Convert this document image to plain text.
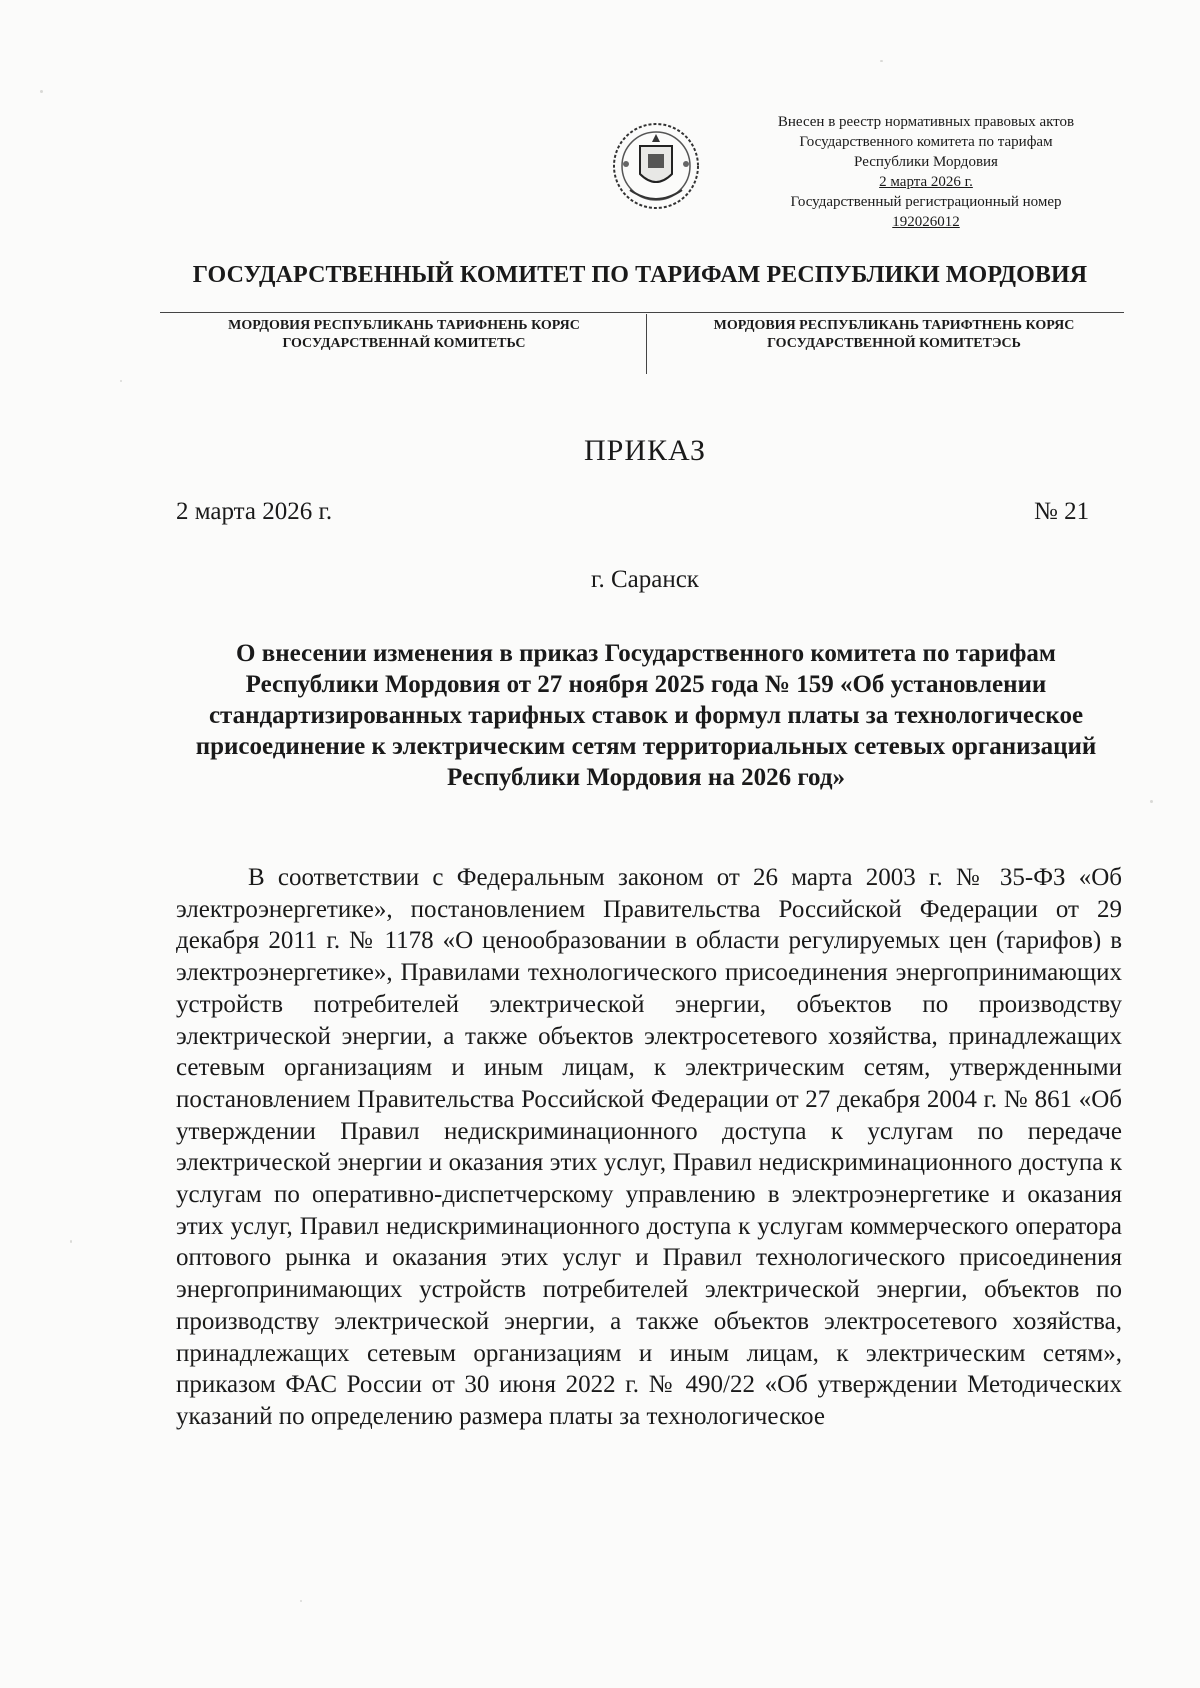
Внесен в реестр нормативных правовых актов
Государственного комитета по тарифам
Республики Мордовия
2 марта 2026 г.
Государственный регистрационный номер
192026012
ГОСУДАРСТВЕННЫЙ КОМИТЕТ ПО ТАРИФАМ РЕСПУБЛИКИ МОРДОВИЯ
МОРДОВИЯ РЕСПУБЛИКАНЬ ТАРИФНЕНЬ КОРЯС
ГОСУДАРСТВЕННАЙ КОМИТЕТЬС
МОРДОВИЯ РЕСПУБЛИКАНЬ ТАРИФТНЕНЬ КОРЯС
ГОСУДАРСТВЕННОЙ КОМИТЕТЭСЬ
ПРИКАЗ
2 марта 2026 г.	№ 21
г. Саранск
О внесении изменения в приказ Государственного комитета по тарифам Республики Мордовия от 27 ноября 2025 года № 159 «Об установлении стандартизированных тарифных ставок и формул платы за технологическое присоединение к электрическим сетям территориальных сетевых организаций Республики Мордовия на 2026 год»

В соответствии с Федеральным законом от 26 марта 2003 г. № 35-ФЗ «Об электроэнергетике», постановлением Правительства Российской Федерации от 29 декабря 2011 г. № 1178 «О ценообразовании в области регулируемых цен (тарифов) в электроэнергетике», Правилами технологического присоединения энергопринимающих устройств потребителей электрической энергии, объектов по производству электрической энергии, а также объектов электросетевого хозяйства, принадлежащих сетевым организациям и иным лицам, к электрическим сетям, утвержденными постановлением Правительства Российской Федерации от 27 декабря 2004 г. № 861 «Об утверждении Правил недискриминационного доступа к услугам по передаче электрической энергии и оказания этих услуг, Правил недискриминационного доступа к услугам по оперативно-диспетчерскому управлению в электроэнергетике и оказания этих услуг, Правил недискриминационного доступа к услугам коммерческого оператора оптового рынка и оказания этих услуг и Правил технологического присоединения энергопринимающих устройств потребителей электрической энергии, объектов по производству электрической энергии, а также объектов электросетевого хозяйства, принадлежащих сетевым организациям и иным лицам, к электрическим сетям», приказом ФАС России от 30 июня 2022 г. № 490/22 «Об утверждении Методических указаний по определению размера платы за технологическое
